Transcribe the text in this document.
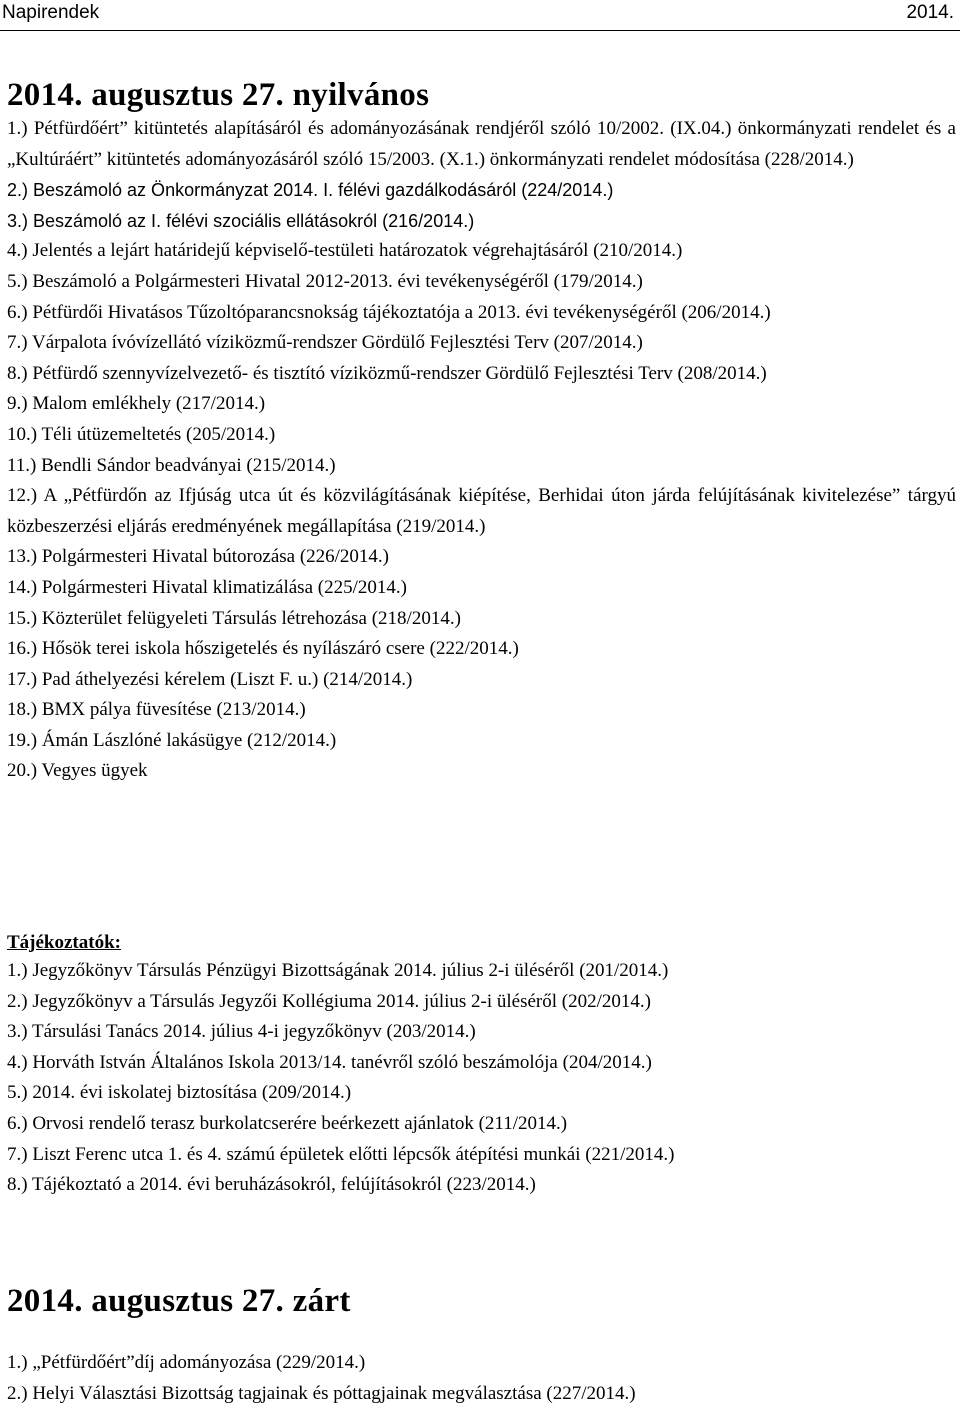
Napirendek	2014.
2014. augusztus 27. nyilvános

1.) Pétfürdőért” kitüntetés alapításáról és adományozásának rendjéről szóló 10/2002. (IX.04.) önkormányzati rendelet és a „Kultúráért” kitüntetés adományozásáról szóló 15/2003. (X.1.) önkormányzati rendelet módosítása (228/2014.)

2.) Beszámoló az Önkormányzat 2014. I. félévi gazdálkodásáról (224/2014.)

3.) Beszámoló az I. félévi szociális ellátásokról (216/2014.)

4.) Jelentés a lejárt határidejű képviselő-testületi határozatok végrehajtásáról (210/2014.)

5.) Beszámoló a Polgármesteri Hivatal 2012-2013. évi tevékenységéről (179/2014.)

6.) Pétfürdői Hivatásos Tűzoltóparancsnokság tájékoztatója a 2013. évi tevékenységéről (206/2014.)

7.) Várpalota ívóvízellátó víziközmű-rendszer Gördülő Fejlesztési Terv (207/2014.)

8.) Pétfürdő szennyvízelvezető- és tisztító víziközmű-rendszer Gördülő Fejlesztési Terv (208/2014.)

9.) Malom emlékhely (217/2014.)

10.) Téli útüzemeltetés (205/2014.)

11.) Bendli Sándor beadványai (215/2014.)

12.) A „Pétfürdőn az Ifjúság utca út és közvilágításának kiépítése, Berhidai úton járda felújításának kivitelezése” tárgyú közbeszerzési eljárás eredményének megállapítása (219/2014.)

13.) Polgármesteri Hivatal bútorozása (226/2014.)

14.) Polgármesteri Hivatal klimatizálása (225/2014.)

15.) Közterület felügyeleti Társulás létrehozása (218/2014.)

16.) Hősök terei iskola hőszigetelés és nyílászáró csere (222/2014.)

17.) Pad áthelyezési kérelem (Liszt F. u.) (214/2014.)

18.) BMX pálya füvesítése (213/2014.)

19.) Ámán Lászlóné lakásügye (212/2014.)

20.) Vegyes ügyek

Tájékoztatók:

1.) Jegyzőkönyv Társulás Pénzügyi Bizottságának 2014. július 2-i üléséről (201/2014.)

2.) Jegyzőkönyv a Társulás Jegyzői Kollégiuma 2014. július 2-i üléséről (202/2014.)

3.) Társulási Tanács 2014. július 4-i jegyzőkönyv (203/2014.)

4.) Horváth István Általános Iskola 2013/14. tanévről szóló beszámolója (204/2014.)

5.) 2014. évi iskolatej biztosítása (209/2014.)

6.) Orvosi rendelő terasz burkolatcserére beérkezett ajánlatok (211/2014.)

7.) Liszt Ferenc utca 1. és 4. számú épületek előtti lépcsők átépítési munkái (221/2014.)

8.) Tájékoztató a 2014. évi beruházásokról, felújításokról (223/2014.)

2014. augusztus 27. zárt

1.) „Pétfürdőért”díj adományozása (229/2014.)

2.) Helyi Választási Bizottság tagjainak és póttagjainak megválasztása (227/2014.)
